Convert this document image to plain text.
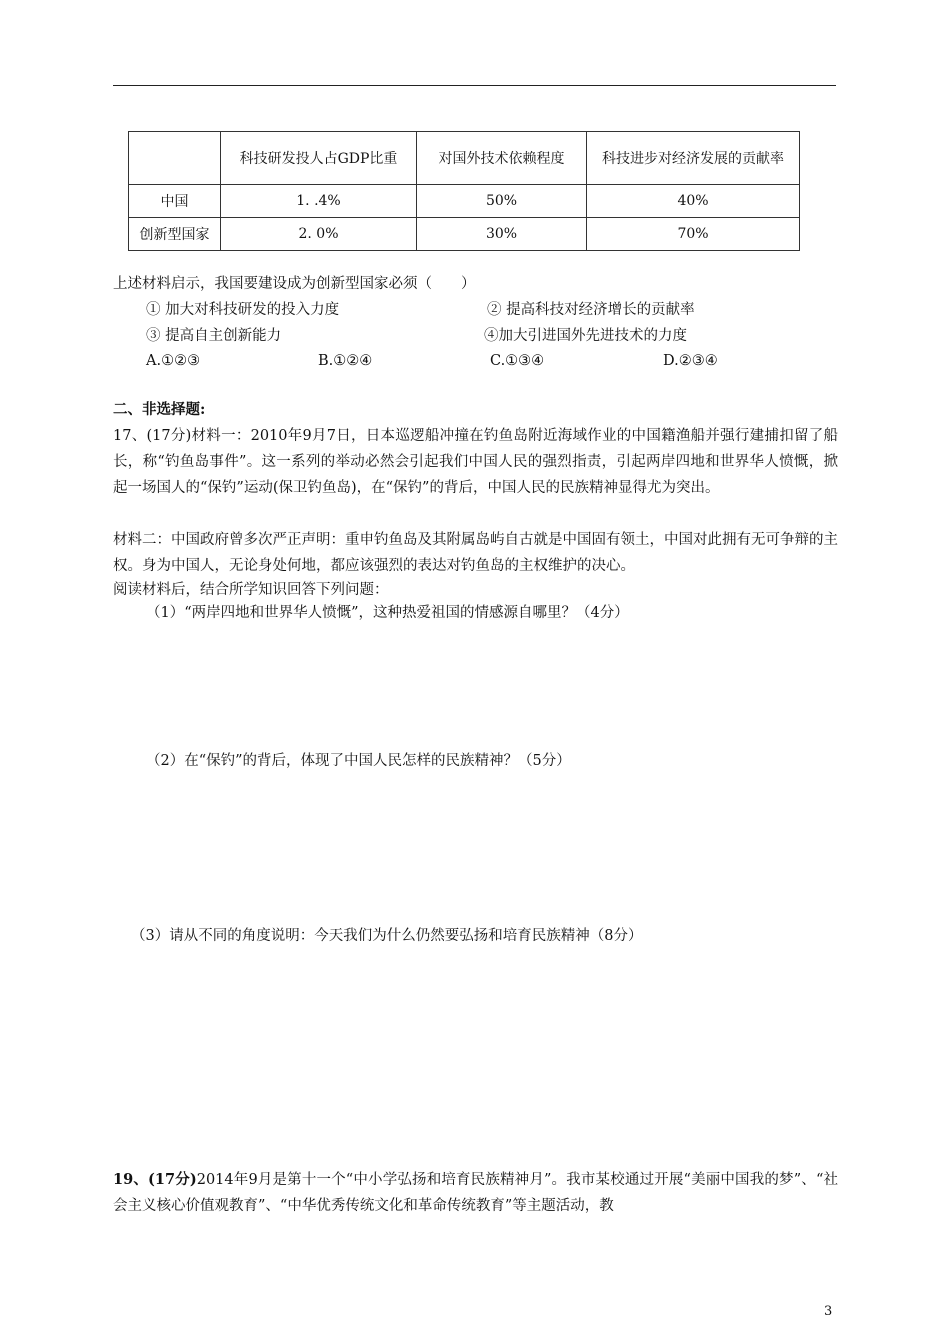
	科技研发投人占GDP比重	对国外技术依赖程度	科技进步对经济发展的贡献率
中国	1. .4%	50%	40%
创新型国家	2. 0%	30%	70%
上述材料启示，我国要建设成为创新型国家必须（　　）
① 加大对科技研发的投入力度	② 提高科技对经济增长的贡献率
③ 提高自主创新能力	④加大引进国外先进技术的力度
A.①②③	B.①②④	C.①③④	D.②③④
二、非选择题:
17、(17分)材料一：2010年9月7日，日本巡逻船冲撞在钓鱼岛附近海域作业的中国籍渔船并强行建捕扣留了船长，称“钓鱼岛事件”。这一系列的举动必然会引起我们中国人民的强烈指责，引起两岸四地和世界华人愤慨，掀起一场国人的“保钓”运动(保卫钓鱼岛)，在“保钓”的背后，中国人民的民族精神显得尤为突出。
材料二：中国政府曾多次严正声明：重申钓鱼岛及其附属岛屿自古就是中国固有领土，中国对此拥有无可争辩的主权。身为中国人，无论身处何地，都应该强烈的表达对钓鱼岛的主权维护的决心。
阅读材料后，结合所学知识回答下列问题：
（1）“两岸四地和世界华人愤慨”，这种热爱祖国的情感源自哪里？（4分）
（2）在“保钓”的背后，体现了中国人民怎样的民族精神？（5分）
（3）请从不同的角度说明：今天我们为什么仍然要弘扬和培育民族精神（8分）
19、(17分)2014年9月是第十一个“中小学弘扬和培育民族精神月”。我市某校通过开展“美丽中国我的梦”、“社会主义核心价值观教育”、“中华优秀传统文化和革命传统教育”等主题活动，教
3
